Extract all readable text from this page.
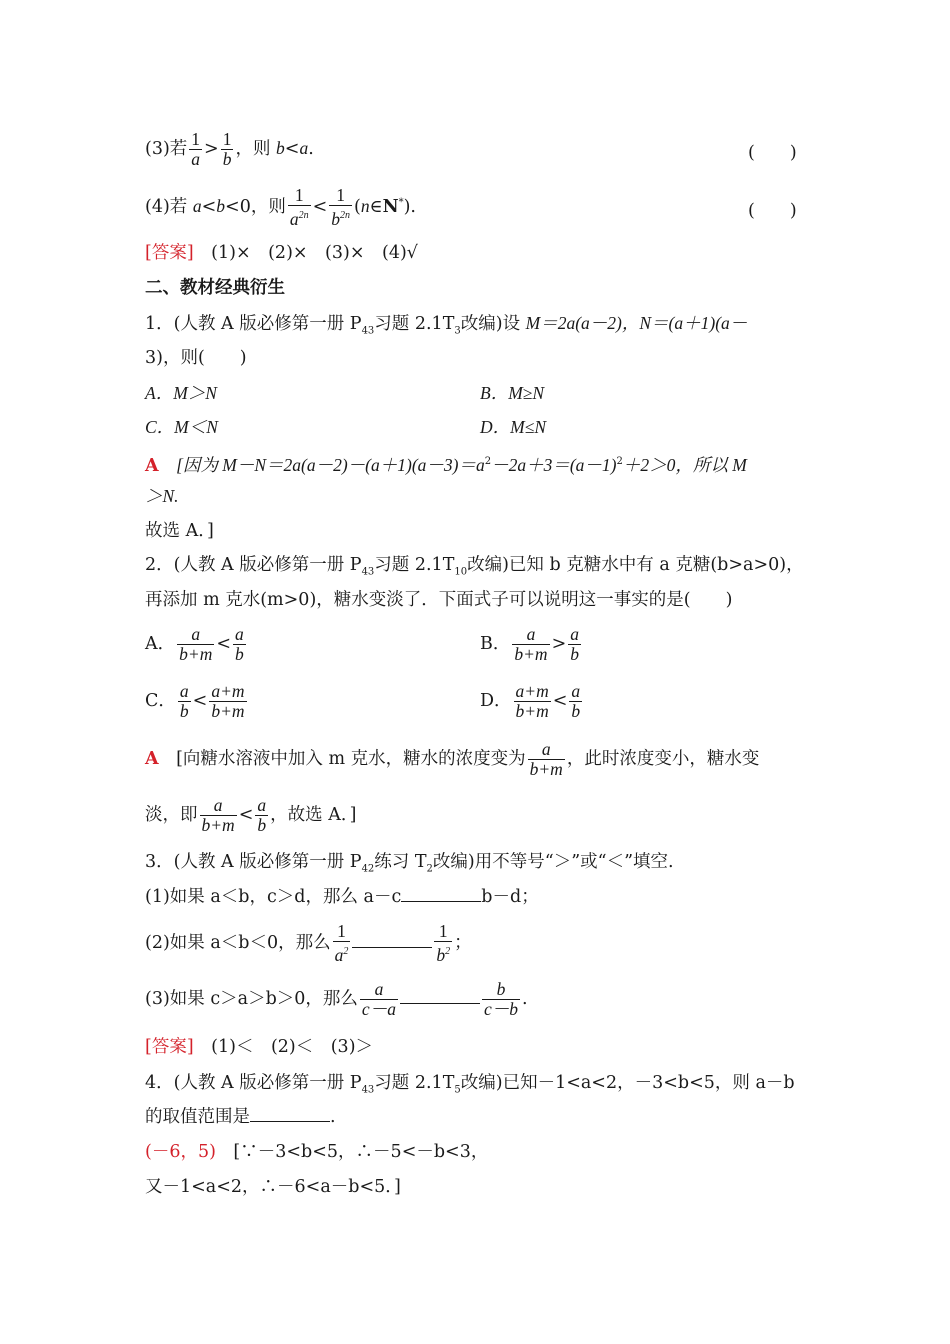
(3)若 $\frac{1}{a} > \frac{1}{b}$ ，则 b<a.	(　　)
(4)若 a<b<0，则 $\frac{1}{a^{2n}} < \frac{1}{b^{2n}}$ (n∈N*).	(　　)
[答案]　(1)×　(2)×　(3)×　(4)√
二、教材经典衍生
1．(人教 A 版必修第一册 $P_{43}$习题 $2.1T_3$改编)设 M＝2a(a－2)，N＝(a＋1)(a－
3)，则(　　)
A．M＞N	B．M≥N
C．M＜N	D．M≤N
A　[因为 $M-N=2a(a-2)-(a+1)(a-3)=a^2-2a+3=(a-1)^2+2>0$，所以 M
＞N.
故选 A．]
2．(人教 A 版必修第一册 $P_{43}$习题 $2.1T_{10}$改编)已知 b 克糖水中有 a 克糖(b>a>0)，
再添加 m 克水(m>0)，糖水变淡了．下面式子可以说明这一事实的是(　　)
A． $\frac{a}{b+m} < \frac{a}{b}$	B． $\frac{a}{b+m} > \frac{a}{b}$
C． $\frac{a}{b} < \frac{a+m}{b+m}$	D． $\frac{a+m}{b+m} < \frac{a}{b}$
A　[向糖水溶液中加入 m 克水，糖水的浓度变为 $\frac{a}{b+m}$ ，此时浓度变小，糖水变
淡，即 $\frac{a}{b+m} < \frac{a}{b}$ ，故选 A．]
3．(人教 A 版必修第一册 $P_{42}$练习 $T_2$改编)用不等号“＞”或“＜”填空.
(1)如果 a＜b，c＞d，那么 a－c	b－d；
(2)如果 a＜b＜0，那么 $\frac{1}{a^2}$	$\frac{1}{b^2}$ ；
(3)如果 c＞a＞b＞0，那么 $\frac{a}{c-a}$	$\frac{b}{c-b}$ .
[答案]　(1)＜　(2)＜　(3)＞
4．(人教 A 版必修第一册 $P_{43}$习题 $2.1T_5$改编)已知－1<a<2，－3<b<5，则 a－b
的取值范围是	.
(－6，5)　[∵－3<b<5，∴－5<－b<3，
又－1<a<2，∴－6<a－b<5．]
